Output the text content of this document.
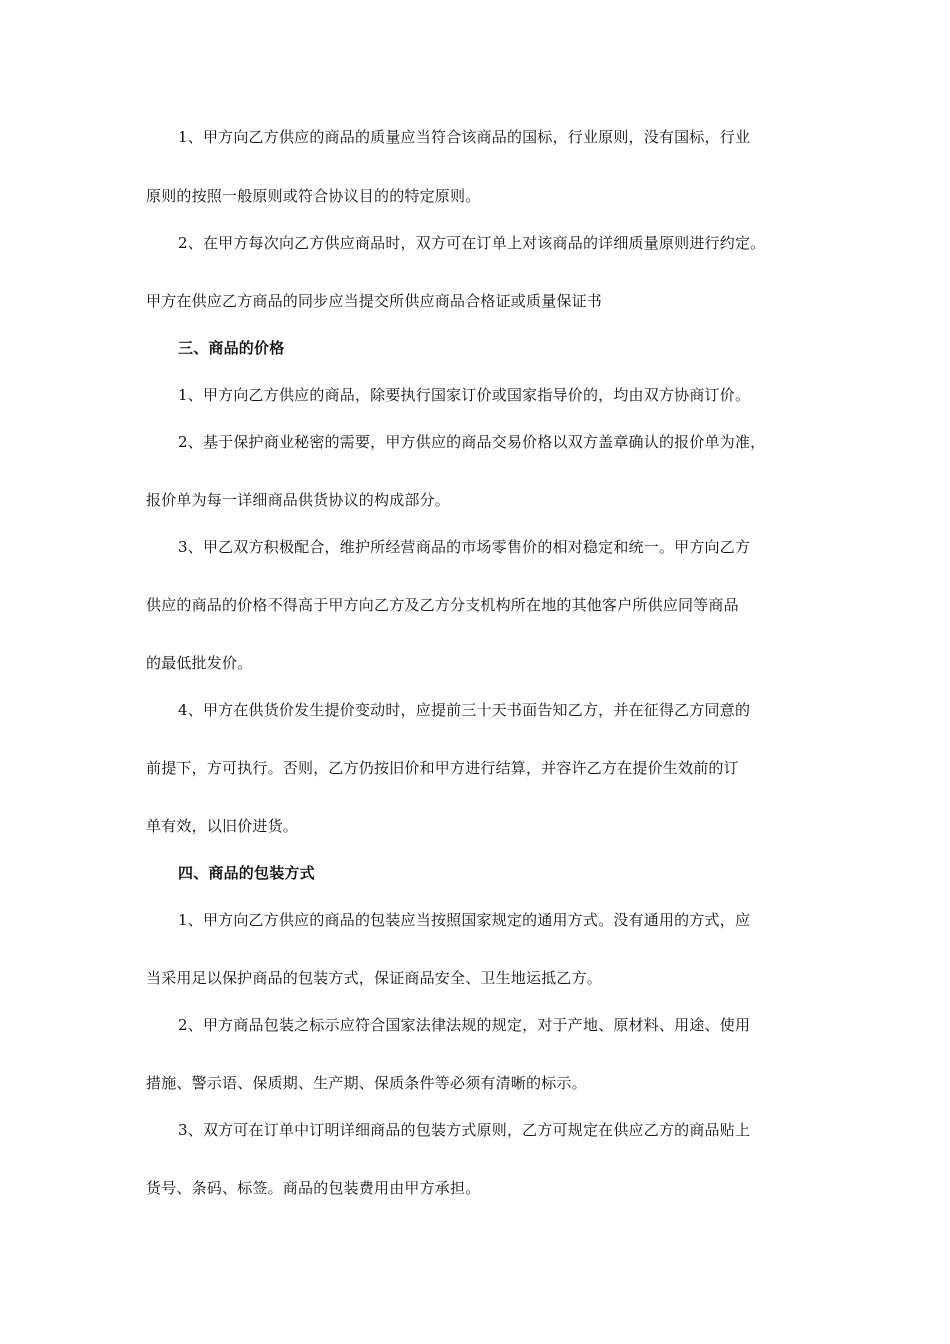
1、甲方向乙方供应的商品的质量应当符合该商品的国标，行业原则，没有国标，行业
原则的按照一般原则或符合协议目的的特定原则。
2、在甲方每次向乙方供应商品时，双方可在订单上对该商品的详细质量原则进行约定。
甲方在供应乙方商品的同步应当提交所供应商品合格证或质量保证书
三、商品的价格
1、甲方向乙方供应的商品，除要执行国家订价或国家指导价的，均由双方协商订价。
2、基于保护商业秘密的需要，甲方供应的商品交易价格以双方盖章确认的报价单为准，
报价单为每一详细商品供货协议的构成部分。
3、甲乙双方积极配合，维护所经营商品的市场零售价的相对稳定和统一。甲方向乙方
供应的商品的价格不得高于甲方向乙方及乙方分支机构所在地的其他客户所供应同等商品
的最低批发价。
4、甲方在供货价发生提价变动时，应提前三十天书面告知乙方，并在征得乙方同意的
前提下，方可执行。否则，乙方仍按旧价和甲方进行结算，并容许乙方在提价生效前的订
单有效，以旧价进货。
四、商品的包装方式
1、甲方向乙方供应的商品的包装应当按照国家规定的通用方式。没有通用的方式，应
当采用足以保护商品的包装方式，保证商品安全、卫生地运抵乙方。
2、甲方商品包装之标示应符合国家法律法规的规定，对于产地、原材料、用途、使用
措施、警示语、保质期、生产期、保质条件等必须有清晰的标示。
3、双方可在订单中订明详细商品的包装方式原则，乙方可规定在供应乙方的商品贴上
货号、条码、标签。商品的包装费用由甲方承担。
